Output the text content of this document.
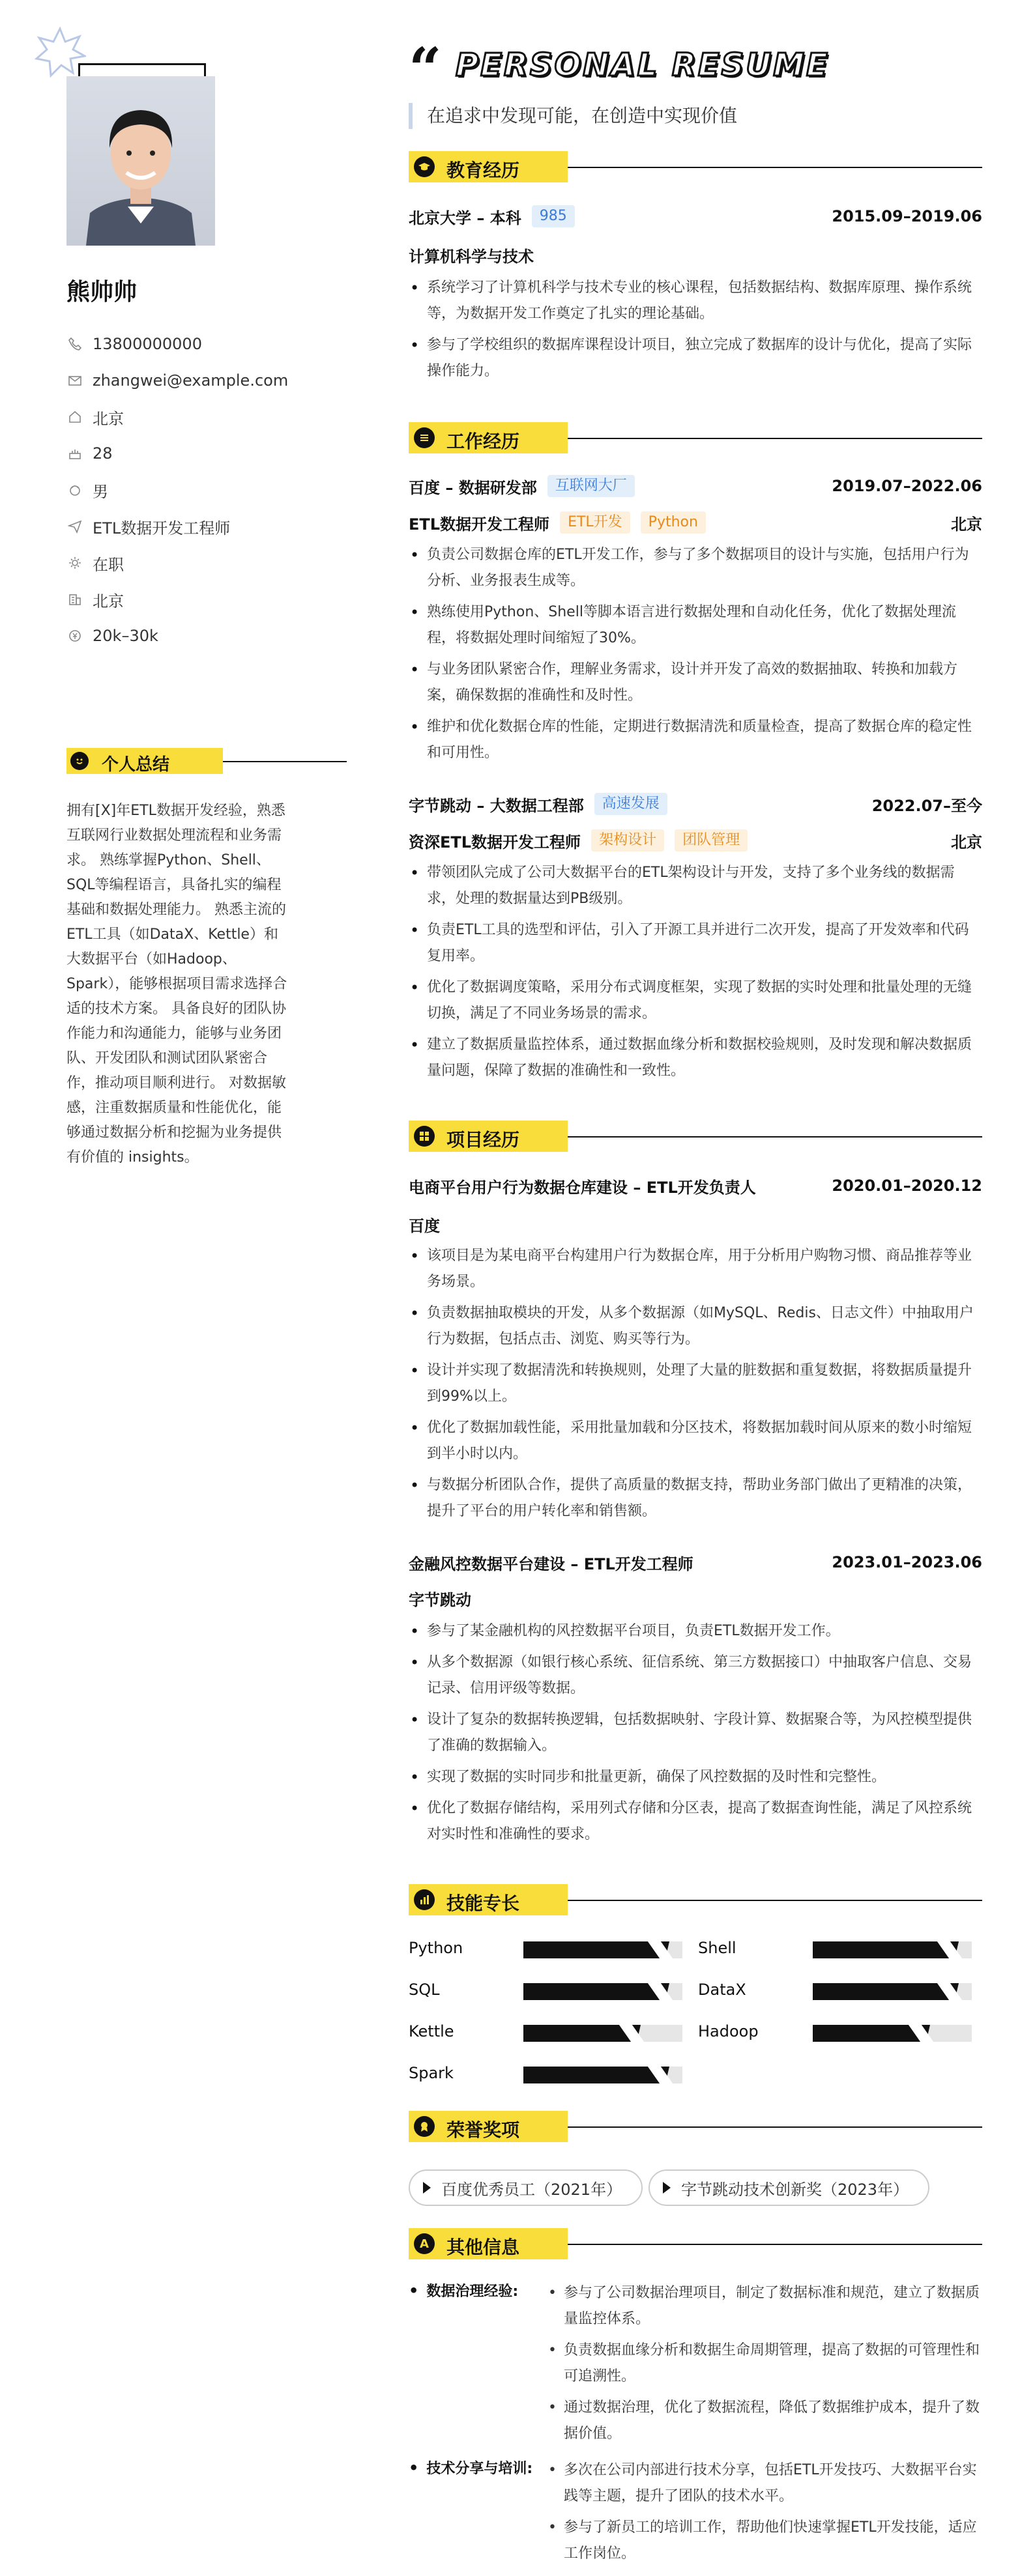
熊帅帅
13800000000
zhangwei@example.com
北京
28
男
ETL数据开发工程师
在职
北京
20k–30k
个人总结
拥有[X]年ETL数据开发经验，熟悉互联网行业数据处理流程和业务需求。 熟练掌握Python、Shell、SQL等编程语言，具备扎实的编程基础和数据处理能力。 熟悉主流的ETL工具（如DataX、Kettle）和大数据平台（如Hadoop、Spark），能够根据项目需求选择合适的技术方案。 具备良好的团队协作能力和沟通能力，能够与业务团队、开发团队和测试团队紧密合作，推动项目顺利进行。 对数据敏感，注重数据质量和性能优化，能够通过数据分析和挖掘为业务提供有价值的 insights。
“ PERSONAL RESUME
在追求中发现可能，在创造中实现价值
教育经历
北京大学 – 本科	985	2015.09–2019.06
计算机科学与技术
• 系统学习了计算机科学与技术专业的核心课程，包括数据结构、数据库原理、操作系统等，为数据开发工作奠定了扎实的理论基础。
• 参与了学校组织的数据库课程设计项目，独立完成了数据库的设计与优化，提高了实际操作能力。
工作经历
百度 – 数据研发部	互联网大厂	2019.07–2022.06
ETL数据开发工程师	ETL开发	Python	北京
• 负责公司数据仓库的ETL开发工作，参与了多个数据项目的设计与实施，包括用户行为分析、业务报表生成等。
• 熟练使用Python、Shell等脚本语言进行数据处理和自动化任务，优化了数据处理流程，将数据处理时间缩短了30%。
• 与业务团队紧密合作，理解业务需求，设计并开发了高效的数据抽取、转换和加载方案，确保数据的准确性和及时性。
• 维护和优化数据仓库的性能，定期进行数据清洗和质量检查，提高了数据仓库的稳定性和可用性。
字节跳动 – 大数据工程部	高速发展	2022.07–至今
资深ETL数据开发工程师	架构设计	团队管理	北京
• 带领团队完成了公司大数据平台的ETL架构设计与开发，支持了多个业务线的数据需求，处理的数据量达到PB级别。
• 负责ETL工具的选型和评估，引入了开源工具并进行二次开发，提高了开发效率和代码复用率。
• 优化了数据调度策略，采用分布式调度框架，实现了数据的实时处理和批量处理的无缝切换，满足了不同业务场景的需求。
• 建立了数据质量监控体系，通过数据血缘分析和数据校验规则，及时发现和解决数据质量问题，保障了数据的准确性和一致性。
项目经历
电商平台用户行为数据仓库建设 – ETL开发负责人	2020.01–2020.12
百度
• 该项目是为某电商平台构建用户行为数据仓库，用于分析用户购物习惯、商品推荐等业务场景。
• 负责数据抽取模块的开发，从多个数据源（如MySQL、Redis、日志文件）中抽取用户行为数据，包括点击、浏览、购买等行为。
• 设计并实现了数据清洗和转换规则，处理了大量的脏数据和重复数据，将数据质量提升到99%以上。
• 优化了数据加载性能，采用批量加载和分区技术，将数据加载时间从原来的数小时缩短到半小时以内。
• 与数据分析团队合作，提供了高质量的数据支持，帮助业务部门做出了更精准的决策，提升了平台的用户转化率和销售额。
金融风控数据平台建设 – ETL开发工程师	2023.01–2023.06
字节跳动
• 参与了某金融机构的风控数据平台项目，负责ETL数据开发工作。
• 从多个数据源（如银行核心系统、征信系统、第三方数据接口）中抽取客户信息、交易记录、信用评级等数据。
• 设计了复杂的数据转换逻辑，包括数据映射、字段计算、数据聚合等，为风控模型提供了准确的数据输入。
• 实现了数据的实时同步和批量更新，确保了风控数据的及时性和完整性。
• 优化了数据存储结构，采用列式存储和分区表，提高了数据查询性能，满足了风控系统对实时性和准确性的要求。
技能专长
Python	Shell
SQL	DataX
Kettle	Hadoop
Spark
荣誉奖项
百度优秀员工（2021年）	字节跳动技术创新奖（2023年）
A 其他信息
• 数据治理经验:	• 参与了公司数据治理项目，制定了数据标准和规范，建立了数据质量监控体系。
• 负责数据血缘分析和数据生命周期管理，提高了数据的可管理性和可追溯性。
• 通过数据治理，优化了数据流程，降低了数据维护成本，提升了数据价值。
• 技术分享与培训:	• 多次在公司内部进行技术分享，包括ETL开发技巧、大数据平台实践等主题，提升了团队的技术水平。
• 参与了新员工的培训工作，帮助他们快速掌握ETL开发技能，适应工作岗位。
